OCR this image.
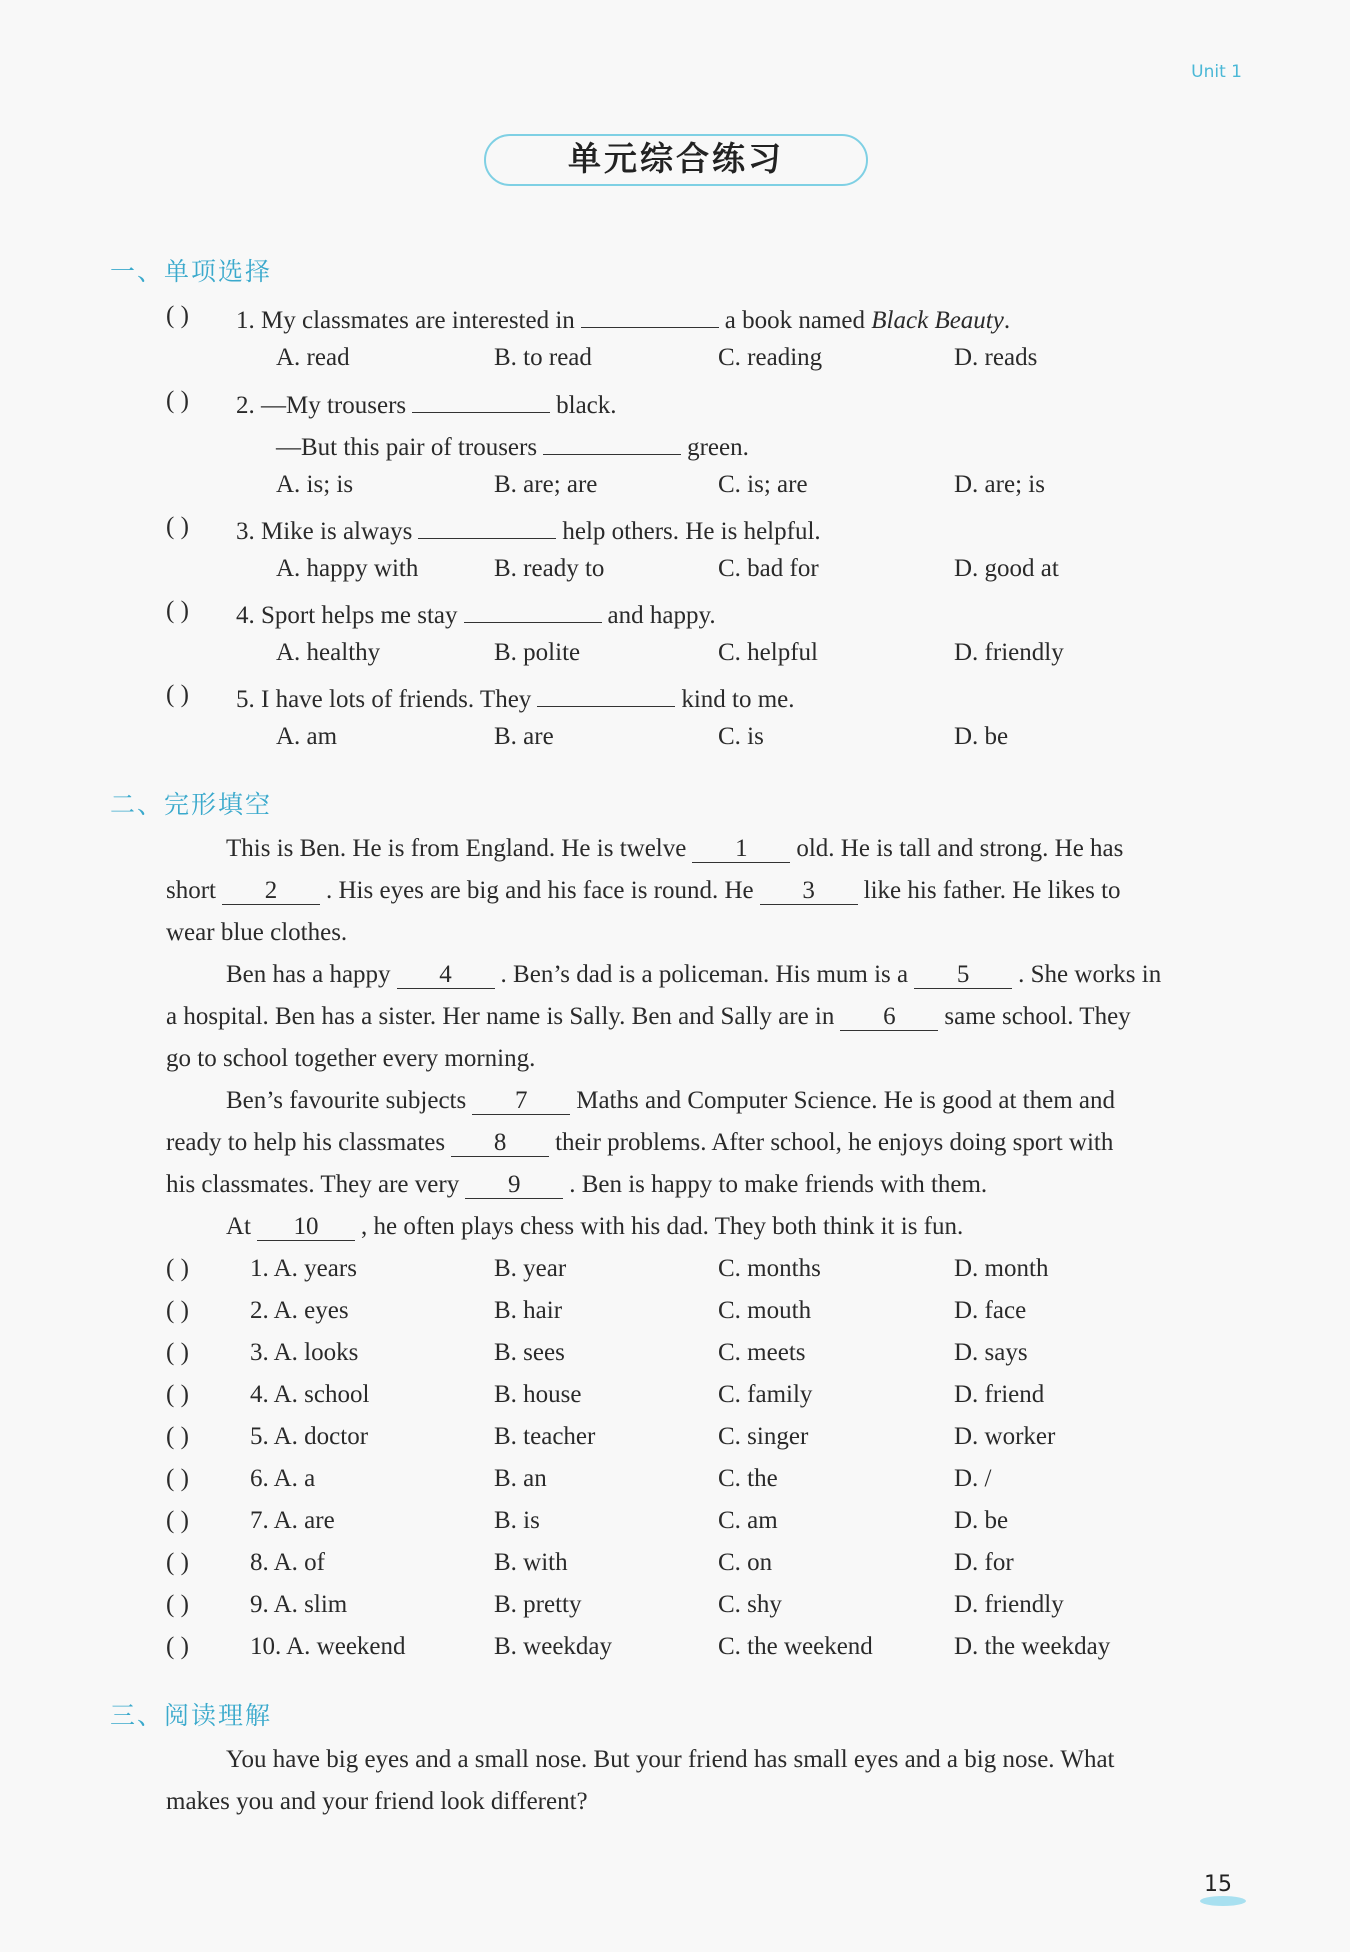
Unit 1
单元综合练习
一、单项选择
( ) 1. My classmates are interested in	a book named Black Beauty.
A. read	B. to read	C. reading	D. reads
( ) 2. —My trousers	black.
—But this pair of trousers	green.
A. is; is	B. are; are	C. is; are	D. are; is
( ) 3. Mike is always	help others. He is helpful.
A. happy with	B. ready to	C. bad for	D. good at
( ) 4. Sport helps me stay	and happy.
A. healthy	B. polite	C. helpful	D. friendly
( ) 5. I have lots of friends. They	kind to me.
A. am	B. are	C. is	D. be
二、完形填空
This is Ben. He is from England. He is twelve 1 old. He is tall and strong. He has
short 2 . His eyes are big and his face is round. He 3 like his father. He likes to
wear blue clothes.
Ben has a happy 4 . Ben’s dad is a policeman. His mum is a 5 . She works in
a hospital. Ben has a sister. Her name is Sally. Ben and Sally are in 6 same school. They
go to school together every morning.
Ben’s favourite subjects 7 Maths and Computer Science. He is good at them and
ready to help his classmates 8 their problems. After school, he enjoys doing sport with
his classmates. They are very 9 . Ben is happy to make friends with them.
At 10 , he often plays chess with his dad. They both think it is fun.
( ) 1. A. years	B. year	C. months	D. month
( ) 2. A. eyes	B. hair	C. mouth	D. face
( ) 3. A. looks	B. sees	C. meets	D. says
( ) 4. A. school	B. house	C. family	D. friend
( ) 5. A. doctor	B. teacher	C. singer	D. worker
( ) 6. A. a	B. an	C. the	D. /
( ) 7. A. are	B. is	C. am	D. be
( ) 8. A. of	B. with	C. on	D. for
( ) 9. A. slim	B. pretty	C. shy	D. friendly
( ) 10. A. weekend	B. weekday	C. the weekend	D. the weekday
三、阅读理解
You have big eyes and a small nose. But your friend has small eyes and a big nose. What
makes you and your friend look different?
15
